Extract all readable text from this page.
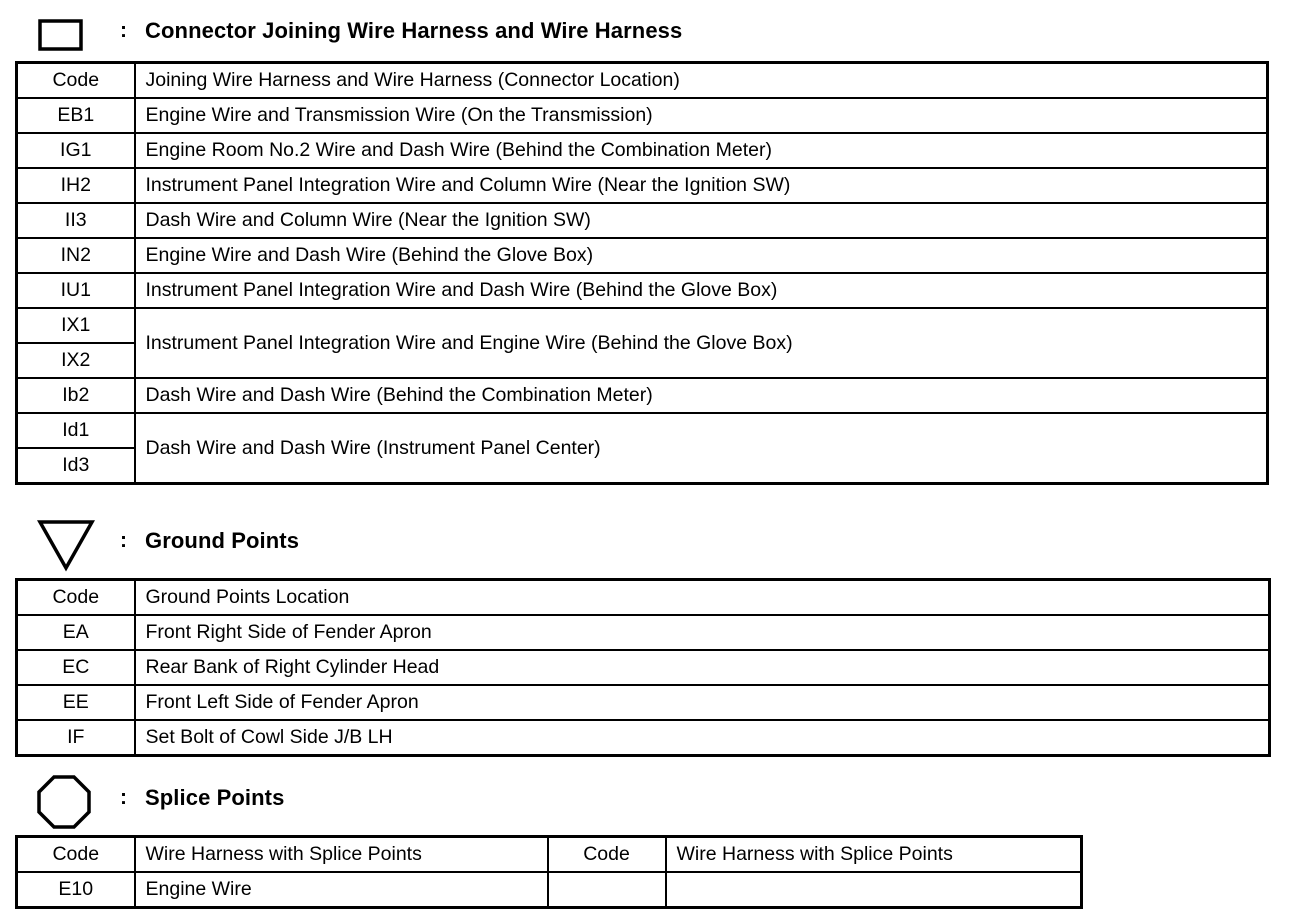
: Connector Joining Wire Harness and Wire Harness
Code	Joining Wire Harness and Wire Harness (Connector Location)
EB1	Engine Wire and Transmission Wire (On the Transmission)
IG1	Engine Room No.2 Wire and Dash Wire (Behind the Combination Meter)
IH2	Instrument Panel Integration Wire and Column Wire (Near the Ignition SW)
II3	Dash Wire and Column Wire (Near the Ignition SW)
IN2	Engine Wire and Dash Wire (Behind the Glove Box)
IU1	Instrument Panel Integration Wire and Dash Wire (Behind the Glove Box)
IX1	Instrument Panel Integration Wire and Engine Wire (Behind the Glove Box)
IX2	
Ib2	Dash Wire and Dash Wire (Behind the Combination Meter)
Id1	Dash Wire and Dash Wire (Instrument Panel Center)
Id3	
: Ground Points
Code	Ground Points Location
EA	Front Right Side of Fender Apron
EC	Rear Bank of Right Cylinder Head
EE	Front Left Side of Fender Apron
IF	Set Bolt of Cowl Side J/B LH
: Splice Points
Code	Wire Harness with Splice Points	Code	Wire Harness with Splice Points
E10	Engine Wire		
